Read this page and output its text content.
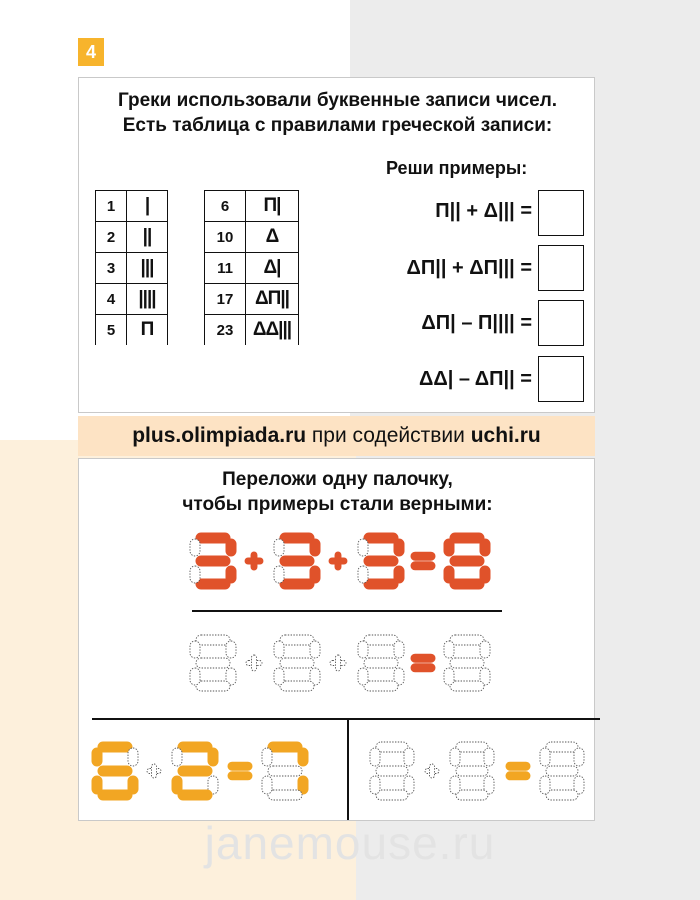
4
Греки использовали буквенные записи чисел.
Есть таблица с правилами греческой записи:
1	|
2	||
3	|||
4	||||
5	П
6	П|
10	Δ
11	Δ|
17	ΔП||
23	ΔΔ|||
Реши примеры:
П|| + Δ||| =
ΔП|| + ΔП||| =
ΔП| – П|||| =
ΔΔ| – ΔП|| =
plus.olimpiada.ru при содействии uchi.ru
Переложи одну палочку,
чтобы примеры стали верными:
janemouse.ru
